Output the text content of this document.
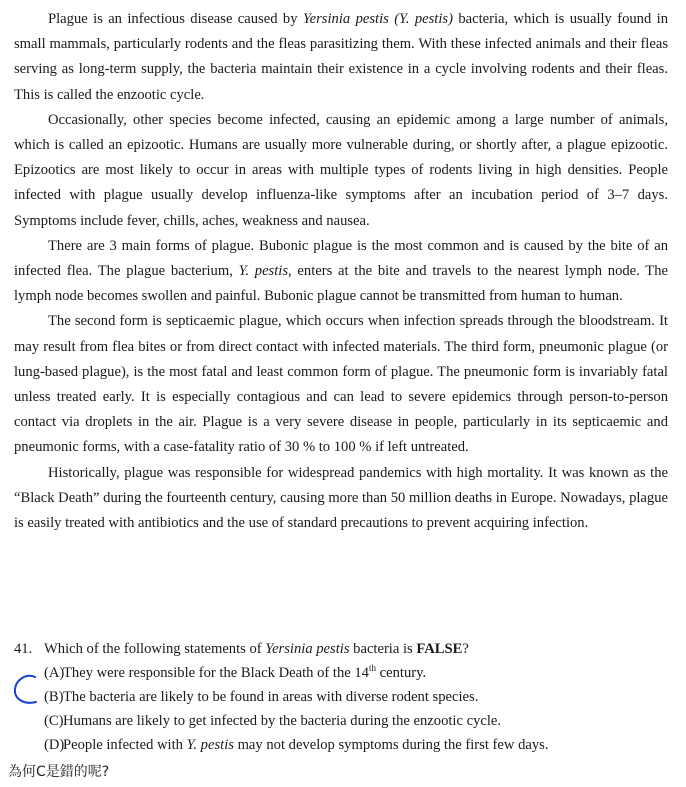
Plague is an infectious disease caused by Yersinia pestis (Y. pestis) bacteria, which is usually found in small mammals, particularly rodents and the fleas parasitizing them. With these infected animals and their fleas serving as long-term supply, the bacteria maintain their existence in a cycle involving rodents and their fleas. This is called the enzootic cycle.

Occasionally, other species become infected, causing an epidemic among a large number of animals, which is called an epizootic. Humans are usually more vulnerable during, or shortly after, a plague epizootic. Epizootics are most likely to occur in areas with multiple types of rodents living in high densities. People infected with plague usually develop influenza-like symptoms after an incubation period of 3–7 days. Symptoms include fever, chills, aches, weakness and nausea.

There are 3 main forms of plague. Bubonic plague is the most common and is caused by the bite of an infected flea. The plague bacterium, Y. pestis, enters at the bite and travels to the nearest lymph node. The lymph node becomes swollen and painful. Bubonic plague cannot be transmitted from human to human.

The second form is septicaemic plague, which occurs when infection spreads through the bloodstream. It may result from flea bites or from direct contact with infected materials. The third form, pneumonic plague (or lung-based plague), is the most fatal and least common form of plague. The pneumonic form is invariably fatal unless treated early. It is especially contagious and can lead to severe epidemics through person-to-person contact via droplets in the air. Plague is a very severe disease in people, particularly in its septicaemic and pneumonic forms, with a case-fatality ratio of 30 % to 100 % if left untreated.

Historically, plague was responsible for widespread pandemics with high mortality. It was known as the “Black Death” during the fourteenth century, causing more than 50 million deaths in Europe. Nowadays, plague is easily treated with antibiotics and the use of standard precautions to prevent acquiring infection.

41. Which of the following statements of Yersinia pestis bacteria is FALSE?
(A)They were responsible for the Black Death of the 14th century.
(B)The bacteria are likely to be found in areas with diverse rodent species.
(C)Humans are likely to get infected by the bacteria during the enzootic cycle.
(D)People infected with Y. pestis may not develop symptoms during the first few days.
為何C是錯的呢?
